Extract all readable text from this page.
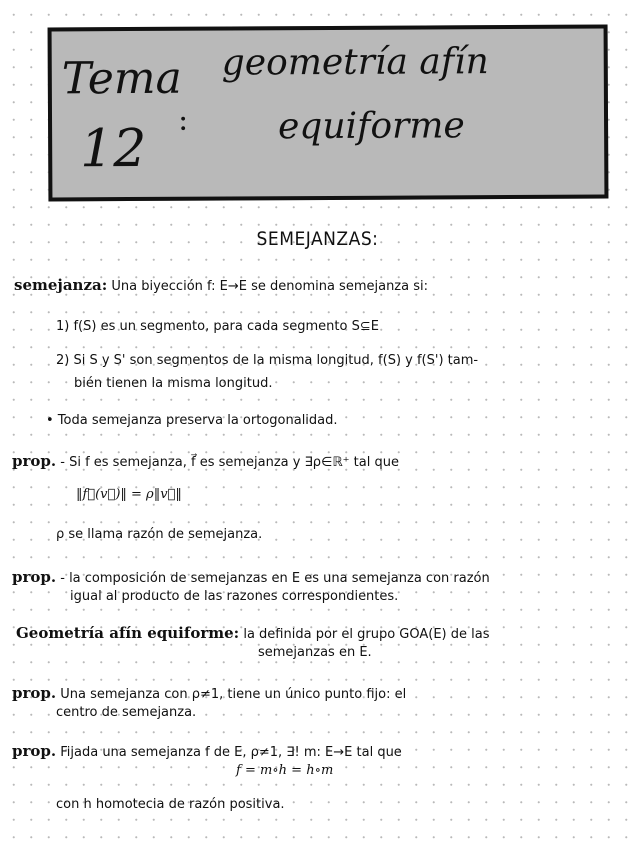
Tema
12 :
geometría afín
equiforme
SEMEJANZAS:
semejanza: Una biyección f: E→E se denomina semejanza si:
1) f(S) es un segmento, para cada segmento S⊆E
2) Si S y S' son segmentos de la misma longitud, f(S) y f(S') tam-
bién tienen la misma longitud.
• Toda semejanza preserva la ortogonalidad.
prop. - Si f es semejanza, f⃗ es semejanza y ∃ρ∈ℝ⁺ tal que
‖f⃗(v⃗)‖ = ρ‖v⃗‖
ρ se llama razón de semejanza.
prop. - la composición de semejanzas en E es una semejanza con razón
igual al producto de las razones correspondientes.
Geometría afín equiforme: la definida por el grupo GOA(E) de las
semejanzas en E.
prop. Una semejanza con ρ≠1, tiene un único punto fijo: el
centro de semejanza.
prop. Fijada una semejanza f de E, ρ≠1, ∃! m: E→E tal que
f = m∘h = h∘m
con h homotecia de razón positiva.
